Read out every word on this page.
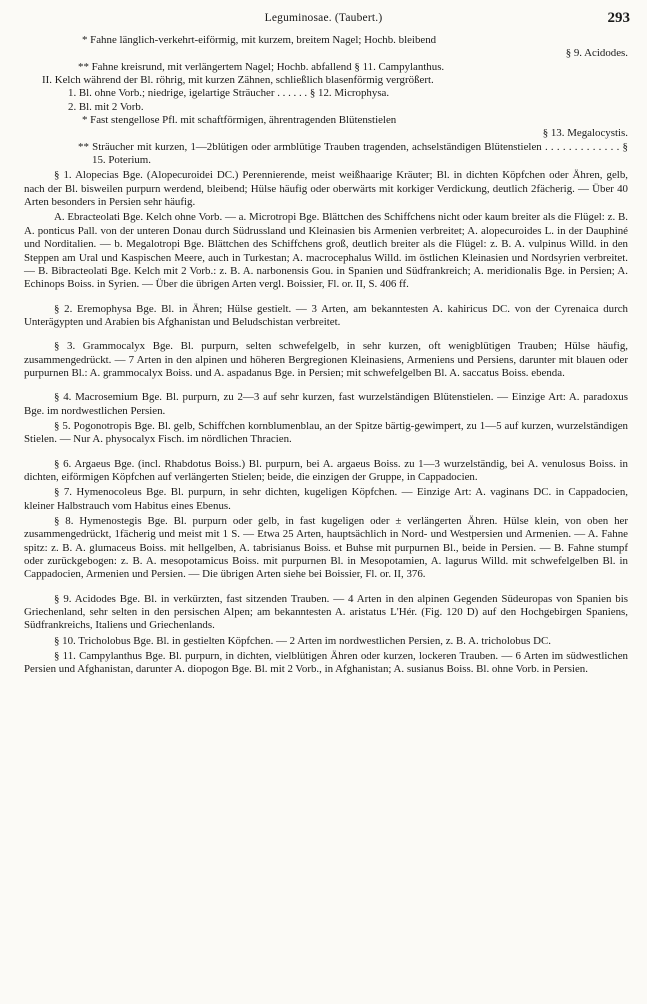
Leguminosae. (Taubert.)	293

* Fahne länglich-verkehrt-eiförmig, mit kurzem, breitem Nagel; Hochb. bleibend

§ 9. Acidodes.

** Fahne kreisrund, mit verlängertem Nagel; Hochb. abfallend § 11. Campylanthus.

II. Kelch während der Bl. röhrig, mit kurzen Zähnen, schließlich blasenförmig vergrößert.

1. Bl. ohne Vorb.; niedrige, igelartige Sträucher . . . . . . § 12. Microphysa.

2. Bl. mit 2 Vorb.

* Fast stengellose Pfl. mit schaftförmigen, ährentragenden Blütenstielen

§ 13. Megalocystis.

** Sträucher mit kurzen, 1—2blütigen oder armblütige Trauben tragenden, achselständigen Blütenstielen . . . . . . . . . . . . . § 15. Poterium.

§ 1. Alopecias Bge. (Alopecuroidei DC.) Perennierende, meist weißhaarige Kräuter; Bl. in dichten Köpfchen oder Ähren, gelb, nach der Bl. bisweilen purpurn werdend, bleibend; Hülse häufig oder oberwärts mit korkiger Verdickung, deutlich 2fächerig. — Über 40 Arten besonders in Persien sehr häufig.

A. Ebracteolati Bge. Kelch ohne Vorb. — a. Microtropi Bge. Blättchen des Schiffchens nicht oder kaum breiter als die Flügel: z. B. A. ponticus Pall. von der unteren Donau durch Südrussland und Kleinasien bis Armenien verbreitet; A. alopecuroides L. in der Dauphiné und Norditalien. — b. Megalotropi Bge. Blättchen des Schiffchens groß, deutlich breiter als die Flügel: z. B. A. vulpinus Willd. in den Steppen am Ural und Kaspischen Meere, auch in Turkestan; A. macrocephalus Willd. im östlichen Kleinasien und Nordsyrien verbreitet. — B. Bibracteolati Bge. Kelch mit 2 Vorb.: z. B. A. narbonensis Gou. in Spanien und Südfrankreich; A. meridionalis Bge. in Persien; A. Echinops Boiss. in Syrien. — Über die übrigen Arten vergl. Boissier, Fl. or. II, S. 406 ff.

§ 2. Eremophysa Bge. Bl. in Ähren; Hülse gestielt. — 3 Arten, am bekanntesten A. kahiricus DC. von der Cyrenaica durch Unterägypten und Arabien bis Afghanistan und Beludschistan verbreitet.

§ 3. Grammocalyx Bge. Bl. purpurn, selten schwefelgelb, in sehr kurzen, oft wenigblütigen Trauben; Hülse häufig, zusammengedrückt. — 7 Arten in den alpinen und höheren Bergregionen Kleinasiens, Armeniens und Persiens, darunter mit blauen oder purpurnen Bl.: A. grammocalyx Boiss. und A. aspadanus Bge. in Persien; mit schwefelgelben Bl. A. saccatus Boiss. ebenda.

§ 4. Macrosemium Bge. Bl. purpurn, zu 2—3 auf sehr kurzen, fast wurzelständigen Blütenstielen. — Einzige Art: A. paradoxus Bge. im nordwestlichen Persien.

§ 5. Pogonotropis Bge. Bl. gelb, Schiffchen kornblumenblau, an der Spitze bärtig-gewimpert, zu 1—5 auf kurzen, wurzelständigen Stielen. — Nur A. physocalyx Fisch. im nördlichen Thracien.

§ 6. Argaeus Bge. (incl. Rhabdotus Boiss.) Bl. purpurn, bei A. argaeus Boiss. zu 1—3 wurzelständig, bei A. venulosus Boiss. in dichten, eiförmigen Köpfchen auf verlängerten Stielen; beide, die einzigen der Gruppe, in Cappadocien.

§ 7. Hymenocoleus Bge. Bl. purpurn, in sehr dichten, kugeligen Köpfchen. — Einzige Art: A. vaginans DC. in Cappadocien, kleiner Halbstrauch vom Habitus eines Ebenus.

§ 8. Hymenostegis Bge. Bl. purpurn oder gelb, in fast kugeligen oder ± verlängerten Ähren. Hülse klein, von oben her zusammengedrückt, 1fächerig und meist mit 1 S. — Etwa 25 Arten, hauptsächlich in Nord- und Westpersien und Armenien. — A. Fahne spitz: z. B. A. glumaceus Boiss. mit hellgelben, A. tabrisianus Boiss. et Buhse mit purpurnen Bl., beide in Persien. — B. Fahne stumpf oder zurückgebogen: z. B. A. mesopotamicus Boiss. mit purpurnen Bl. in Mesopotamien, A. lagurus Willd. mit schwefelgelben Bl. in Cappadocien, Armenien und Persien. — Die übrigen Arten siehe bei Boissier, Fl. or. II, 376.

§ 9. Acidodes Bge. Bl. in verkürzten, fast sitzenden Trauben. — 4 Arten in den alpinen Gegenden Südeuropas von Spanien bis Griechenland, sehr selten in den persischen Alpen; am bekanntesten A. aristatus L'Hér. (Fig. 120 D) auf den Hochgebirgen Spaniens, Südfrankreichs, Italiens und Griechenlands.

§ 10. Tricholobus Bge. Bl. in gestielten Köpfchen. — 2 Arten im nordwestlichen Persien, z. B. A. tricholobus DC.

§ 11. Campylanthus Bge. Bl. purpurn, in dichten, vielblütigen Ähren oder kurzen, lockeren Trauben. — 6 Arten im südwestlichen Persien und Afghanistan, darunter A. diopogon Bge. Bl. mit 2 Vorb., in Afghanistan; A. susianus Boiss. Bl. ohne Vorb. in Persien.
